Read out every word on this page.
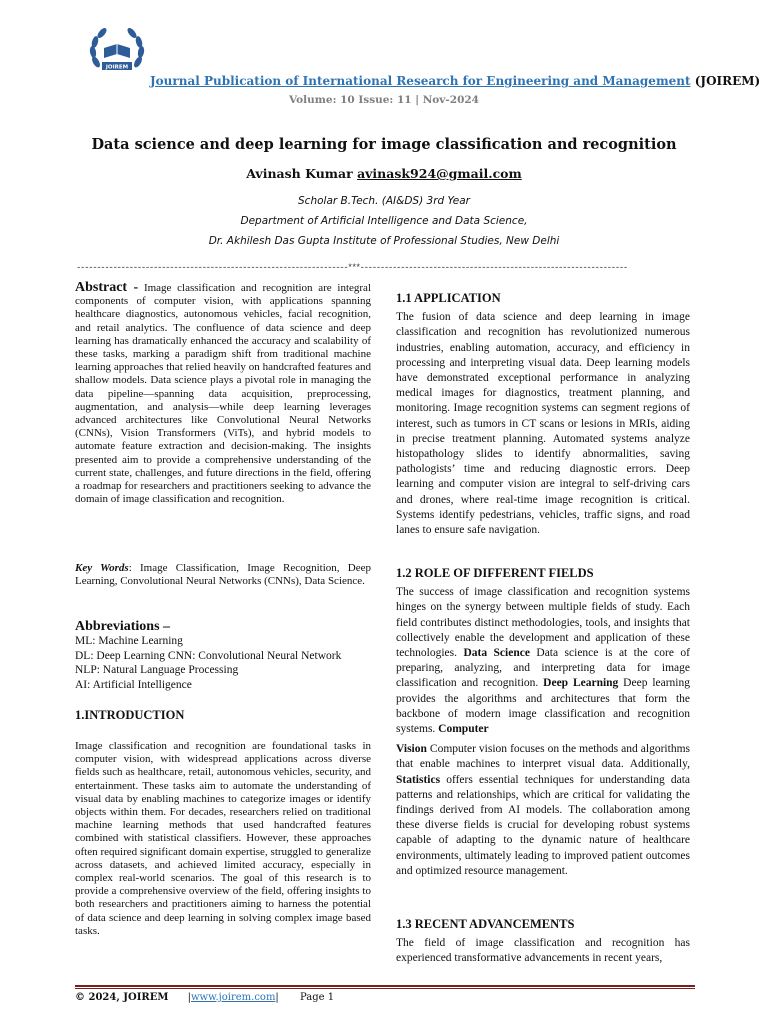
JOIREM
Journal Publication of International Research for Engineering and Management (JOIREM)
Volume: 10 Issue: 11 | Nov-2024
Data science and deep learning for image classification and recognition
Avinash Kumar avinask924@gmail.com
Scholar B.Tech. (AI&DS) 3rd Year
Department of Artificial Intelligence and Data Science,
Dr. Akhilesh Das Gupta Institute of Professional Studies, New Delhi
-------------------------------------------------------------------***------------------------------------------------------------------

Abstract - Image classification and recognition are integral components of computer vision, with applications spanning healthcare diagnostics, autonomous vehicles, facial recognition, and retail analytics. The confluence of data science and deep learning has dramatically enhanced the accuracy and scalability of these tasks, marking a paradigm shift from traditional machine learning approaches that relied heavily on handcrafted features and shallow models. Data science plays a pivotal role in managing the data pipeline—spanning data acquisition, preprocessing, augmentation, and analysis—while deep learning leverages advanced architectures like Convolutional Neural Networks (CNNs), Vision Transformers (ViTs), and hybrid models to automate feature extraction and decision-making. The insights presented aim to provide a comprehensive understanding of the current state, challenges, and future directions in the field, offering a roadmap for researchers and practitioners seeking to advance the domain of image classification and recognition.

Key Words: Image Classification, Image Recognition, Deep Learning, Convolutional Neural Networks (CNNs), Data Science.

Abbreviations –
ML: Machine Learning
DL: Deep Learning CNN: Convolutional Neural Network
NLP: Natural Language Processing
AI: Artificial Intelligence

1.INTRODUCTION

Image classification and recognition are foundational tasks in computer vision, with widespread applications across diverse fields such as healthcare, retail, autonomous vehicles, security, and entertainment. These tasks aim to automate the understanding of visual data by enabling machines to categorize images or identify objects within them. For decades, researchers relied on traditional machine learning methods that used handcrafted features combined with statistical classifiers. However, these approaches often required significant domain expertise, struggled to generalize across datasets, and achieved limited accuracy, especially in complex real-world scenarios. The goal of this research is to provide a comprehensive overview of the field, offering insights to both researchers and practitioners aiming to harness the potential of data science and deep learning in solving complex image based tasks.

1.1 APPLICATION

The fusion of data science and deep learning in image classification and recognition has revolutionized numerous industries, enabling automation, accuracy, and efficiency in processing and interpreting visual data. Deep learning models have demonstrated exceptional performance in analyzing medical images for diagnostics, treatment planning, and monitoring. Image recognition systems can segment regions of interest, such as tumors in CT scans or lesions in MRIs, aiding in precise treatment planning. Automated systems analyze histopathology slides to identify abnormalities, saving pathologists’ time and reducing diagnostic errors. Deep learning and computer vision are integral to self-driving cars and drones, where real-time image recognition is critical. Systems identify pedestrians, vehicles, traffic signs, and road lanes to ensure safe navigation.

1.2 ROLE OF DIFFERENT FIELDS

The success of image classification and recognition systems hinges on the synergy between multiple fields of study. Each field contributes distinct methodologies, tools, and insights that collectively enable the development and application of these technologies. Data Science Data science is at the core of preparing, analyzing, and interpreting data for image classification and recognition. Deep Learning Deep learning provides the algorithms and architectures that form the backbone of modern image classification and recognition systems. Computer

Vision Computer vision focuses on the methods and algorithms that enable machines to interpret visual data. Additionally, Statistics offers essential techniques for understanding data patterns and relationships, which are critical for validating the findings derived from AI models. The collaboration among these diverse fields is crucial for developing robust systems capable of adapting to the dynamic nature of healthcare environments, ultimately leading to improved patient outcomes and optimized resource management.

1.3 RECENT ADVANCEMENTS

The field of image classification and recognition has experienced transformative advancements in recent years,

© 2024, JOIREM |www.joirem.com| Page 1
